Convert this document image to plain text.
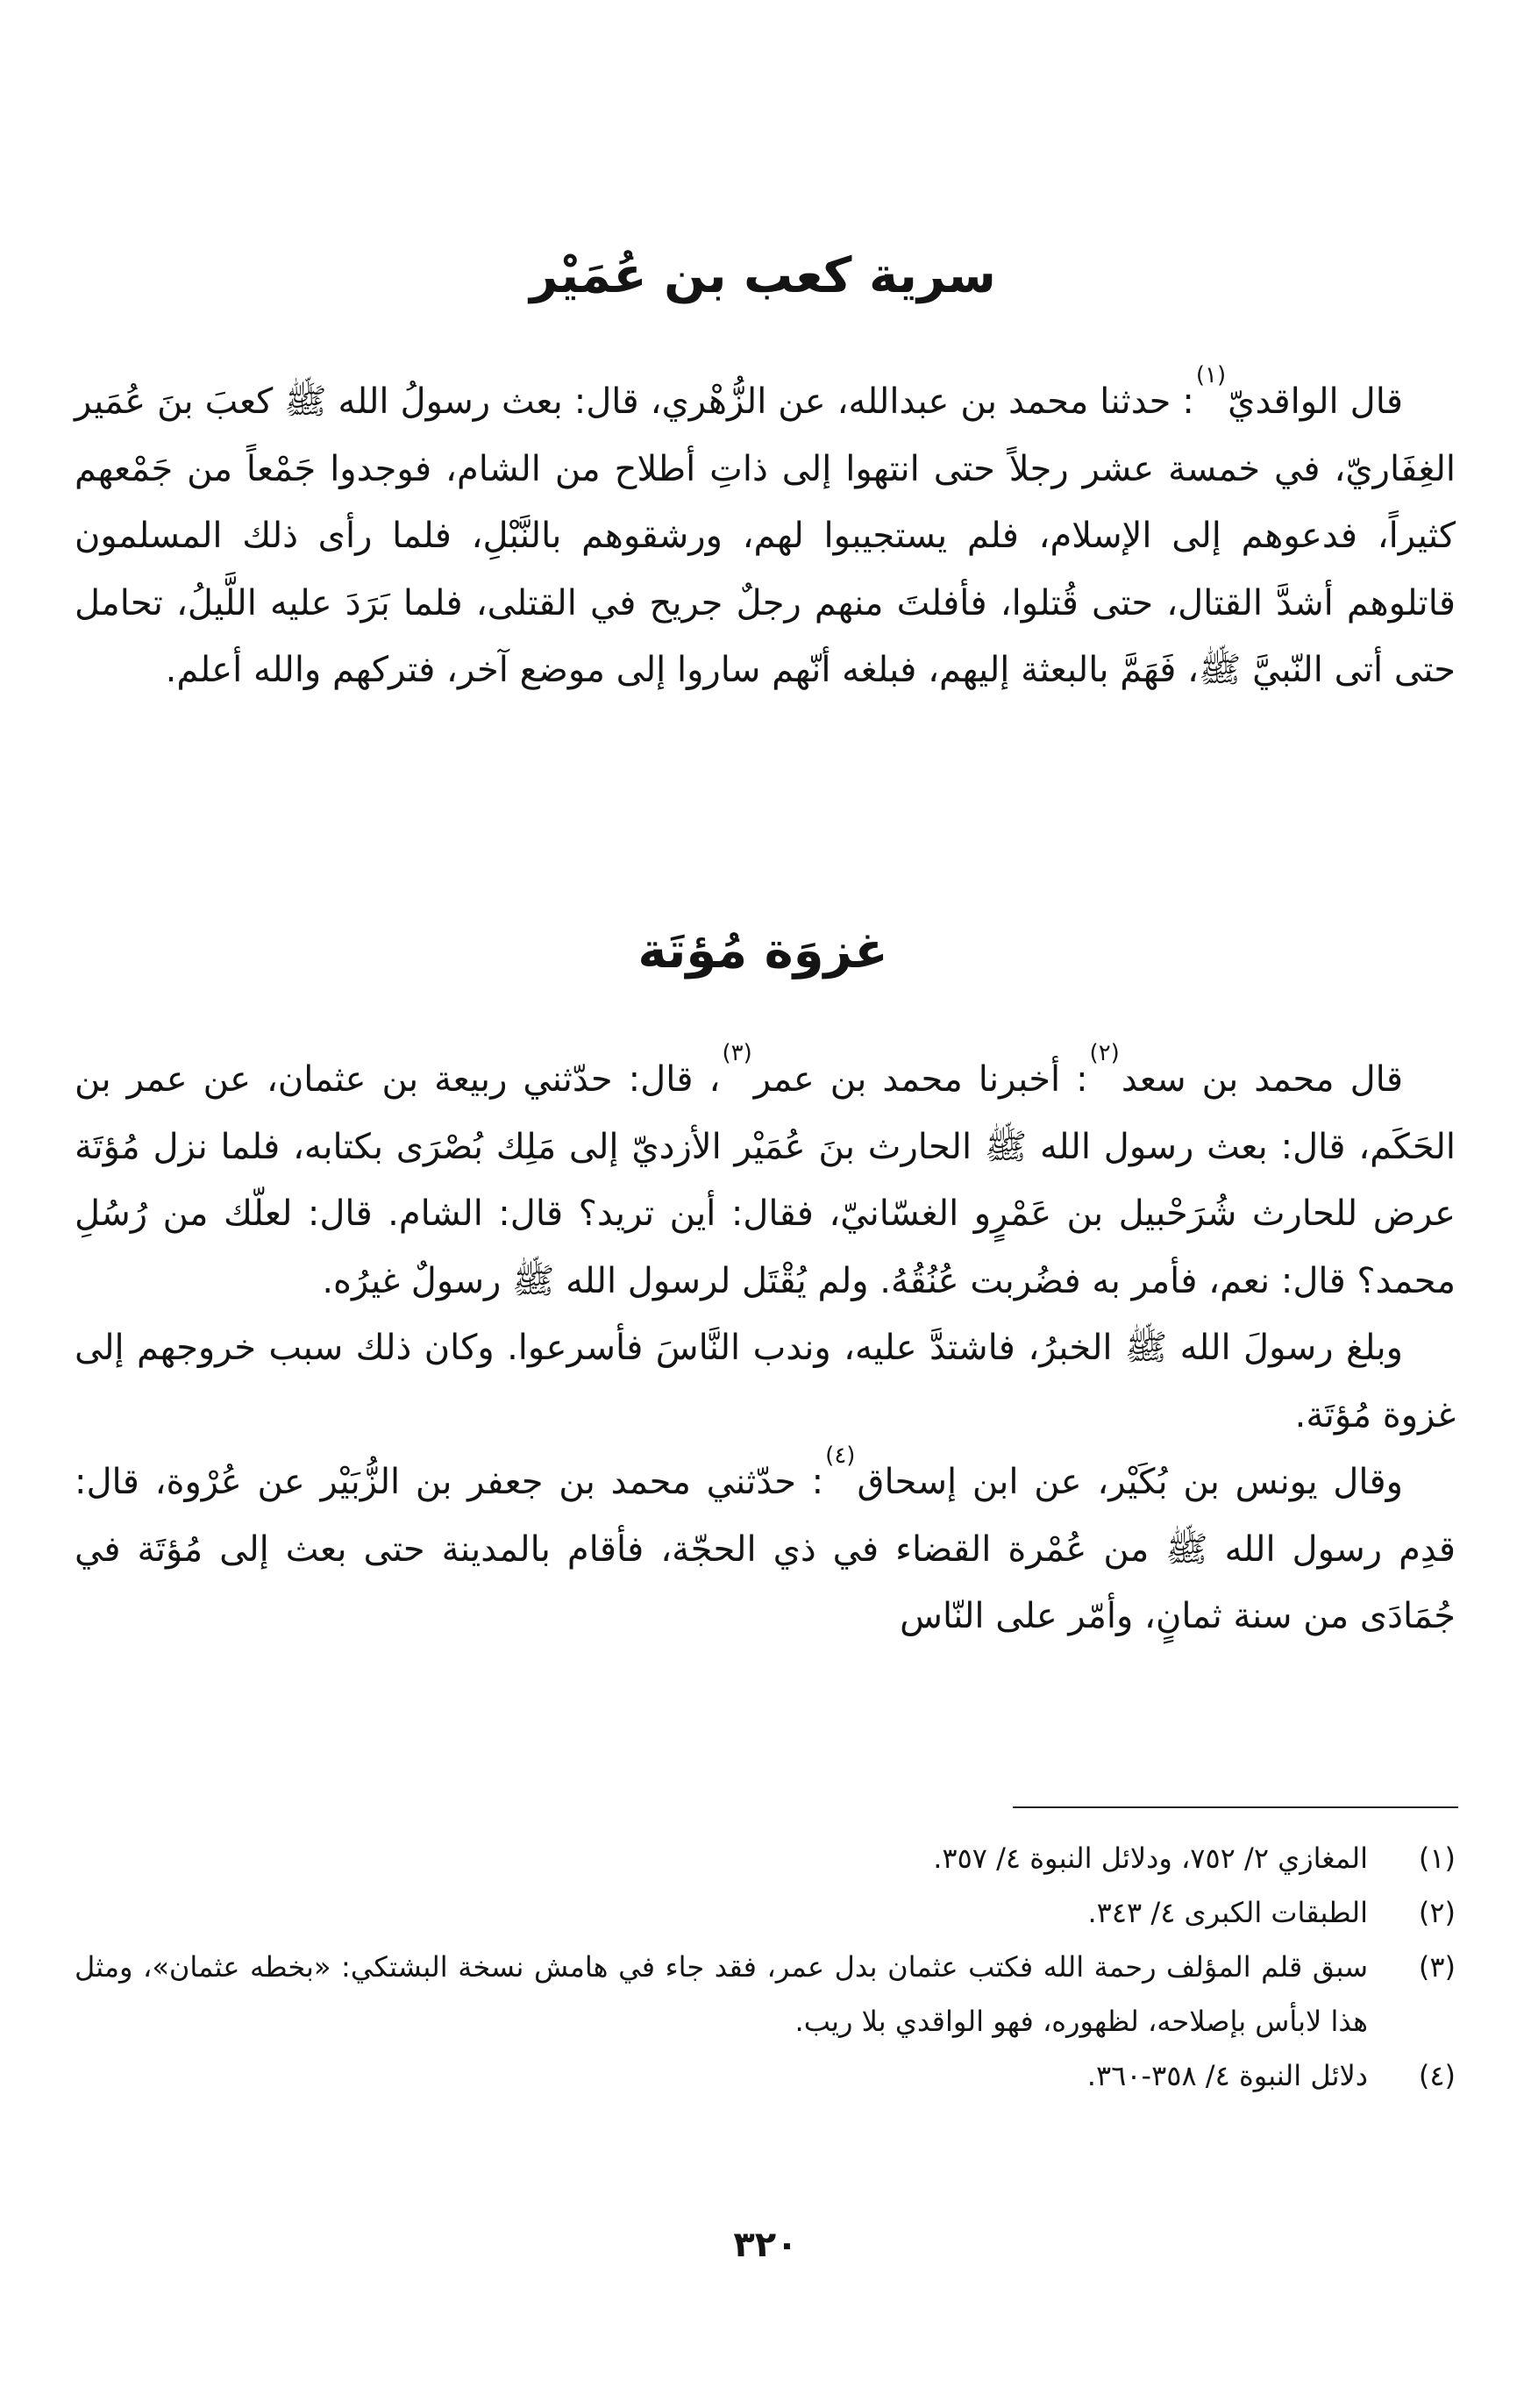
سرية كعب بن عُمَيْر

قال الواقديّ$^{(١)}$: حدثنا محمد بن عبدالله، عن الزُّهْري، قال: بعث رسولُ الله ﷺ كعبَ بنَ عُمَير الغِفَاريّ، في خمسة عشر رجلاً حتى انتهوا إلى ذاتِ أطلاح من الشام، فوجدوا جَمْعاً من جَمْعهم كثيراً، فدعوهم إلى الإسلام، فلم يستجيبوا لهم، ورشقوهم بالنَّبْلِ، فلما رأى ذلك المسلمون قاتلوهم أشدَّ القتال، حتى قُتلوا، فأفلتَ منهم رجلٌ جريح في القتلى، فلما بَرَدَ عليه اللَّيلُ، تحامل حتى أتى النّبيَّ ﷺ، فَهَمَّ بالبعثة إليهم، فبلغه أنّهم ساروا إلى موضع آخر، فتركهم والله أعلم.

غزوَة مُؤتَة

قال محمد بن سعد$^{(٢)}$: أخبرنا محمد بن عمر$^{(٣)}$، قال: حدّثني ربيعة بن عثمان، عن عمر بن الحَكَم، قال: بعث رسول الله ﷺ الحارث بنَ عُمَيْر الأزديّ إلى مَلِك بُصْرَى بكتابه، فلما نزل مُؤتَة عرض للحارث شُرَحْبيل بن عَمْرٍو الغسّانيّ، فقال: أين تريد؟ قال: الشام. قال: لعلّك من رُسُلِ محمد؟ قال: نعم، فأمر به فضُربت عُنُقُهُ. ولم يُقْتَل لرسول الله ﷺ رسولٌ غيرُه.

وبلغ رسولَ الله ﷺ الخبرُ، فاشتدَّ عليه، وندب النَّاسَ فأسرعوا. وكان ذلك سبب خروجهم إلى غزوة مُؤتَة.

وقال يونس بن بُكَيْر، عن ابن إسحاق$^{(٤)}$: حدّثني محمد بن جعفر بن الزُّبَيْر عن عُرْوة، قال: قدِم رسول الله ﷺ من عُمْرة القضاء في ذي الحجّة، فأقام بالمدينة حتى بعث إلى مُؤتَة في جُمَادَى من سنة ثمانٍ، وأمّر على النّاس

(١)
المغازي ٢/ ٧٥٢، ودلائل النبوة ٤/ ٣٥٧.
(٢)
الطبقات الكبرى ٤/ ٣٤٣.
(٣)
سبق قلم المؤلف رحمة الله فكتب عثمان بدل عمر، فقد جاء في هامش نسخة البشتكي: «بخطه عثمان»، ومثل هذا لابأس بإصلاحه، لظهوره، فهو الواقدي بلا ريب.
(٤)
دلائل النبوة ٤/ ٣٥٨-٣٦٠.
٣٢٠
